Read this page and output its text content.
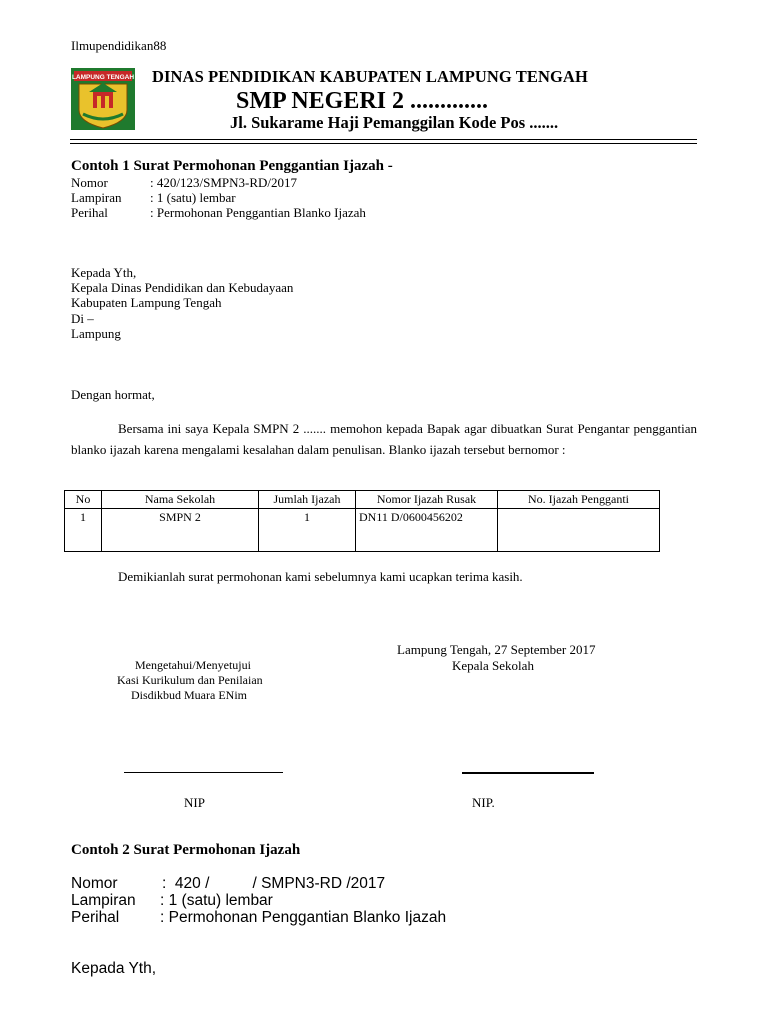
Ilmupendidikan88
LAMPUNG TENGAH DINAS PENDIDIKAN KABUPATEN LAMPUNG TENGAH
SMP NEGERI 2 .............
Jl. Sukarame Haji Pemanggilan Kode Pos .......
Contoh 1 Surat Permohonan Penggantian Ijazah -
Nomor	: 420/123/SMPN3-RD/2017
Lampiran : 1 (satu) lembar
Perihal	: Permohonan Penggantian Blanko Ijazah
Kepada Yth,
Kepala Dinas Pendidikan dan Kebudayaan
Kabupaten Lampung Tengah
Di –
Lampung
Dengan hormat,
Bersama ini saya Kepala SMPN 2 ....... memohon kepada Bapak agar dibuatkan Surat Pengantar penggantian blanko ijazah karena mengalami kesalahan dalam penulisan. Blanko ijazah tersebut bernomor :
No	Nama Sekolah	Jumlah Ijazah	Nomor Ijazah Rusak	No. Ijazah Pengganti
1	SMPN 2	1	DN11 D/0600456202	
Demikianlah surat permohonan kami sebelumnya kami ucapkan terima kasih.
Lampung Tengah, 27 September 2017
Kepala Sekolah
Mengetahui/Menyetujui
Kasi Kurikulum dan Penilaian
Disdikbud Muara ENim
NIP	NIP.
Contoh 2 Surat Permohonan Ijazah
Nomor	:  420 /          / SMPN3-RD /2017
Lampiran : 1 (satu) lembar
Perihal	: Permohonan Penggantian Blanko Ijazah
Kepada Yth,
